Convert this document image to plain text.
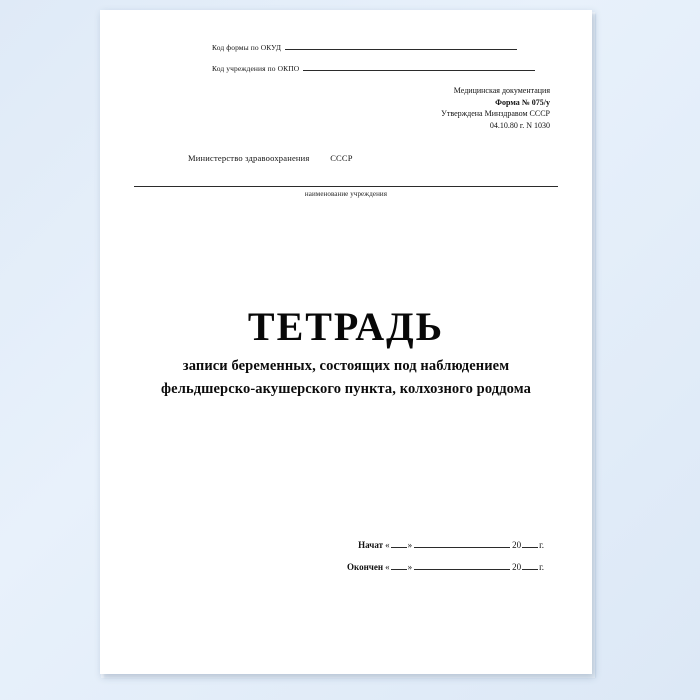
Код формы по ОКУД
Код учреждения по ОКПО
Медицинская документация
Форма № 075/у
Утверждена Минздравом СССР
04.10.80 г. N 1030
Министерство здравоохранения СССР
наименование учреждения
ТЕТРАДЬ
записи беременных, состоящих под наблюдением
фельдшерско-акушерского пункта, колхозного роддома
Начат « »	20 г.
Окончен « »	20 г.
